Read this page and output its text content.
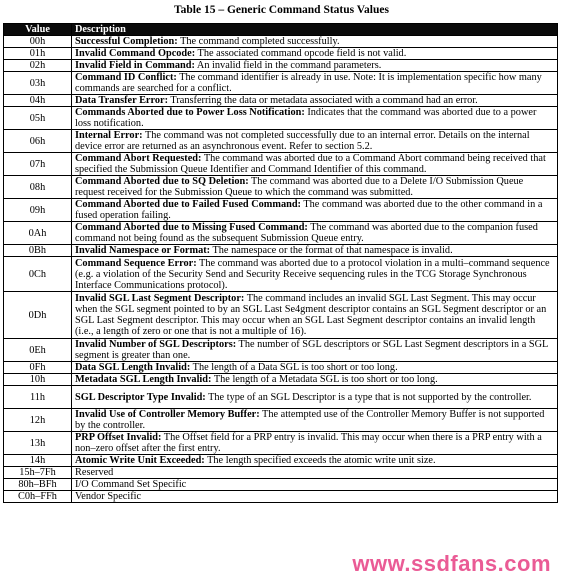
Table 15 – Generic Command Status Values
Value	Description
00h	Successful Completion: The command completed successfully.
01h	Invalid Command Opcode: The associated command opcode field is not valid.
02h	Invalid Field in Command: An invalid field in the command parameters.
03h	Command ID Conflict: The command identifier is already in use. Note: It is implementation specific how many commands are searched for a conflict.
04h	Data Transfer Error: Transferring the data or metadata associated with a command had an error.
05h	Commands Aborted due to Power Loss Notification: Indicates that the command was aborted due to a power loss notification.
06h	Internal Error: The command was not completed successfully due to an internal error. Details on the internal device error are returned as an asynchronous event. Refer to section 5.2.
07h	Command Abort Requested: The command was aborted due to a Command Abort command being received that specified the Submission Queue Identifier and Command Identifier of this command.
08h	Command Aborted due to SQ Deletion: The command was aborted due to a Delete I/O Submission Queue request received for the Submission Queue to which the command was submitted.
09h	Command Aborted due to Failed Fused Command: The command was aborted due to the other command in a fused operation failing.
0Ah	Command Aborted due to Missing Fused Command: The command was aborted due to the companion fused command not being found as the subsequent Submission Queue entry.
0Bh	Invalid Namespace or Format: The namespace or the format of that namespace is invalid.
0Ch	Command Sequence Error: The command was aborted due to a protocol violation in a multi–command sequence (e.g. a violation of the Security Send and Security Receive sequencing rules in the TCG Storage Synchronous Interface Communications protocol).
0Dh	Invalid SGL Last Segment Descriptor: The command includes an invalid SGL Last Segment. This may occur when the SGL segment pointed to by an SGL Last Se4gment descriptor contains an SGL Segment descriptor or an SGL Last Segment descriptor. This may occur when an SGL Last Segment descriptor contains an invalid length (i.e., a length of zero or one that is not a multiple of 16).
0Eh	Invalid Number of SGL Descriptors: The number of SGL descriptors or SGL Last Segment descriptors in a SGL segment is greater than one.
0Fh	Data SGL Length Invalid: The length of a Data SGL is too short or too long.
10h	Metadata SGL Length Invalid: The length of a Metadata SGL is too short or too long.
11h	SGL Descriptor Type Invalid: The type of an SGL Descriptor is a type that is not supported by the controller.
12h	Invalid Use of Controller Memory Buffer: The attempted use of the Controller Memory Buffer is not supported by the controller.
13h	PRP Offset Invalid: The Offset field for a PRP entry is invalid. This may occur when there is a PRP entry with a non–zero offset after the first entry.
14h	Atomic Write Unit Exceeded: The length specified exceeds the atomic write unit size.
15h–7Fh	Reserved
80h–BFh	I/O Command Set Specific
C0h–FFh	Vendor Specific
www.ssdfans.com
